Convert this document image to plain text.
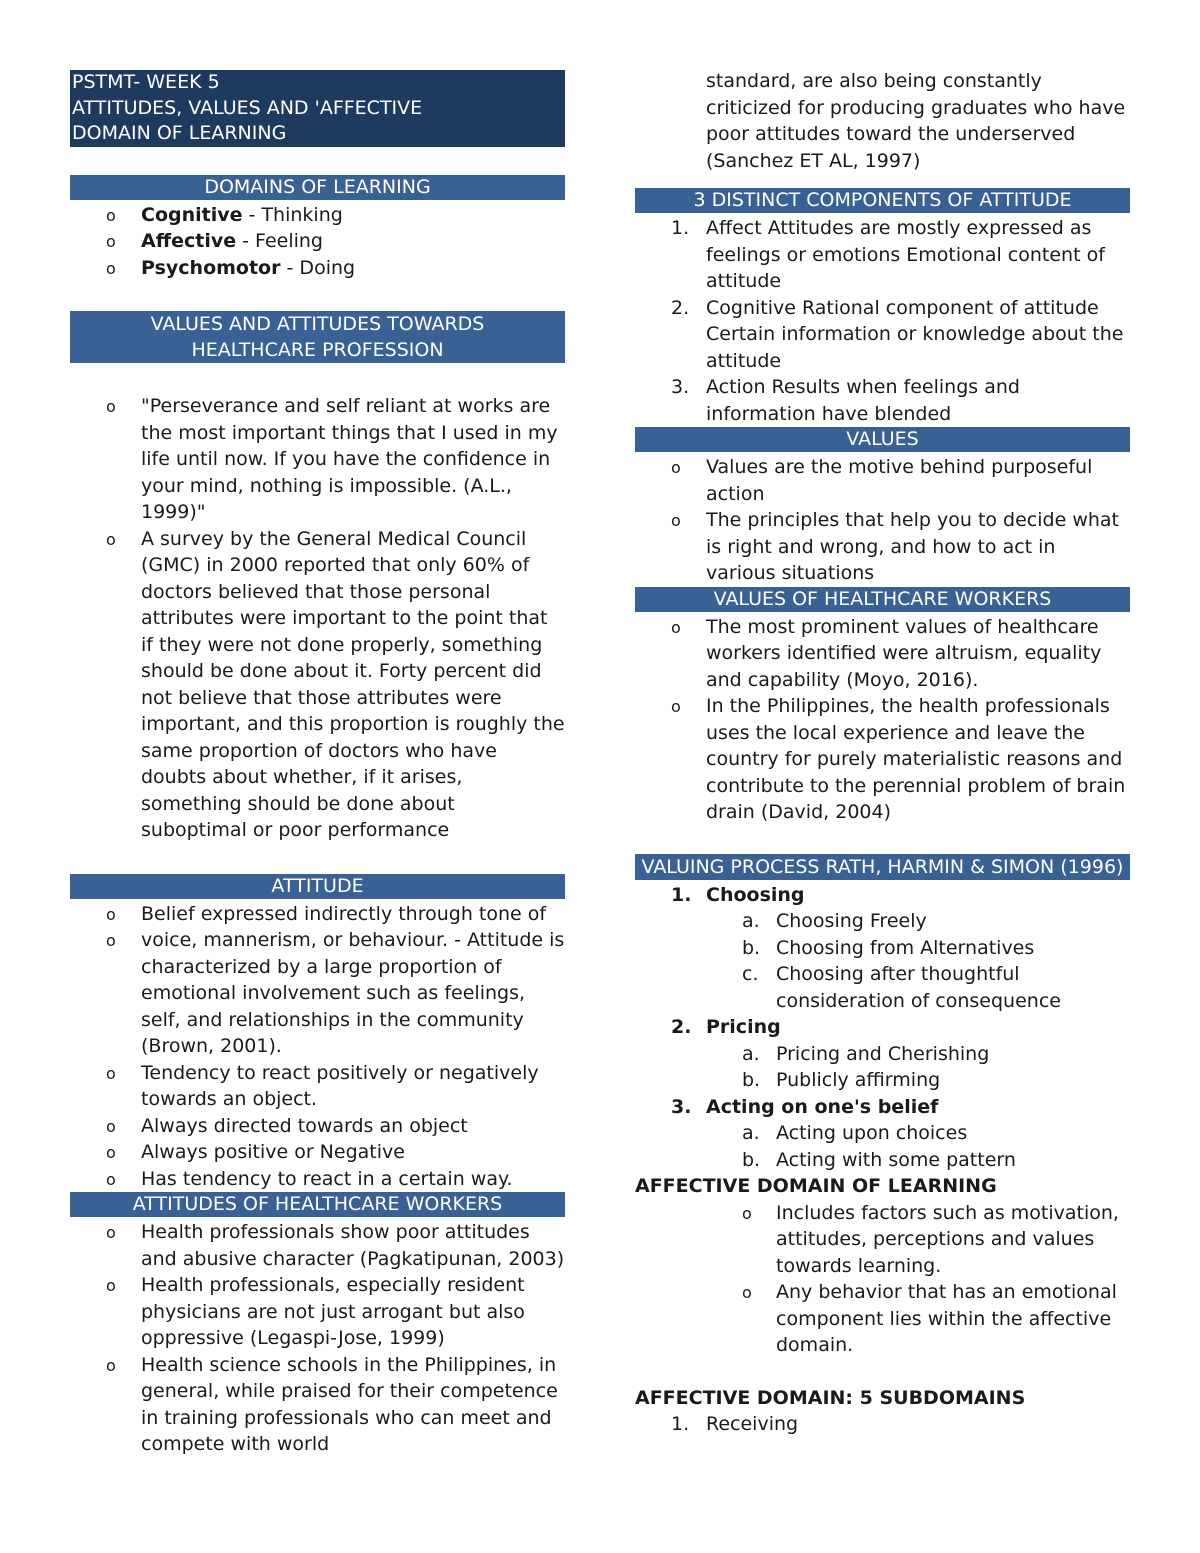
PSTMT- WEEK 5
ATTITUDES, VALUES AND 'AFFECTIVE
DOMAIN OF LEARNING
DOMAINS OF LEARNING
o Cognitive - Thinking
o Affective - Feeling
o Psychomotor - Doing
VALUES AND ATTITUDES TOWARDS HEALTHCARE PROFESSION
o "Perseverance and self reliant at works are the most important things that I used in my life until now. If you have the confidence in your mind, nothing is impossible. (A.L., 1999)"
o A survey by the General Medical Council (GMC) in 2000 reported that only 60% of doctors believed that those personal attributes were important to the point that if they were not done properly, something should be done about it. Forty percent did not believe that those attributes were important, and this proportion is roughly the same proportion of doctors who have doubts about whether, if it arises, something should be done about suboptimal or poor performance
ATTITUDE
o Belief expressed indirectly through tone of
o voice, mannerism, or behaviour. - Attitude is characterized by a large proportion of emotional involvement such as feelings, self, and relationships in the community (Brown, 2001).
o Tendency to react positively or negatively towards an object.
o Always directed towards an object
o Always positive or Negative
o Has tendency to react in a certain way.
ATTITUDES OF HEALTHCARE WORKERS
o Health professionals show poor attitudes and abusive character (Pagkatipunan, 2003)
o Health professionals, especially resident physicians are not just arrogant but also oppressive (Legaspi-Jose, 1999)
o Health science schools in the Philippines, in general, while praised for their competence in training professionals who can meet and compete with world
standard, are also being constantly criticized for producing graduates who have poor attitudes toward the underserved (Sanchez ET AL, 1997)
3 DISTINCT COMPONENTS OF ATTITUDE
1. Affect Attitudes are mostly expressed as feelings or emotions Emotional content of attitude
2. Cognitive Rational component of attitude Certain information or knowledge about the attitude
3. Action Results when feelings and information have blended
VALUES
o Values are the motive behind purposeful action
o The principles that help you to decide what is right and wrong, and how to act in various situations
VALUES OF HEALTHCARE WORKERS
o The most prominent values of healthcare workers identified were altruism, equality and capability (Moyo, 2016).
o In the Philippines, the health professionals uses the local experience and leave the country for purely materialistic reasons and contribute to the perennial problem of brain drain (David, 2004)
VALUING PROCESS RATH, HARMIN & SIMON (1996)
1. Choosing
a. Choosing Freely
b. Choosing from Alternatives
c. Choosing after thoughtful consideration of consequence
2. Pricing
a. Pricing and Cherishing
b. Publicly affirming
3. Acting on one's belief
a. Acting upon choices
b. Acting with some pattern
AFFECTIVE DOMAIN OF LEARNING
o Includes factors such as motivation, attitudes, perceptions and values towards learning.
o Any behavior that has an emotional component lies within the affective domain.
AFFECTIVE DOMAIN: 5 SUBDOMAINS
1. Receiving
